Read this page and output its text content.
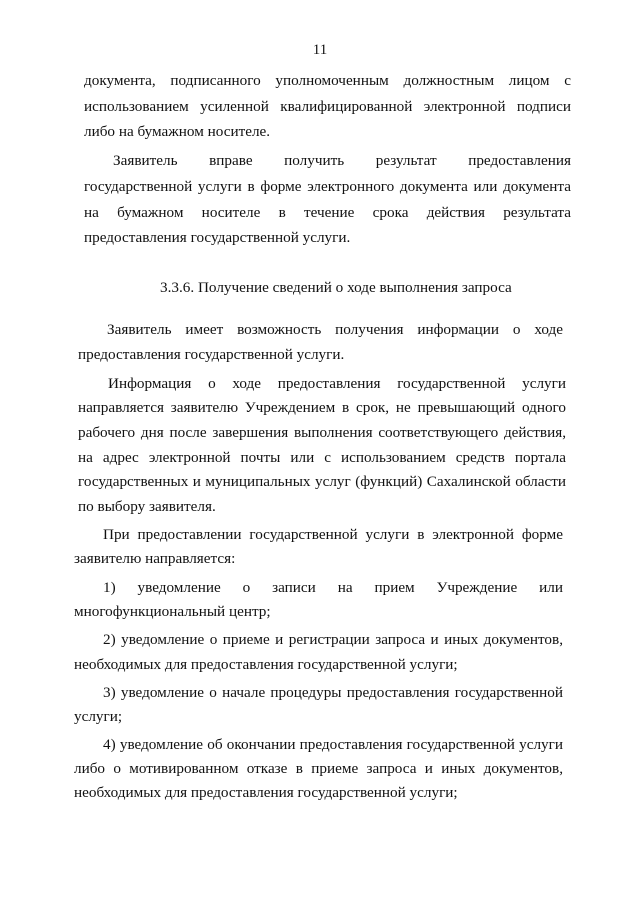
11
документа, подписанного уполномоченным должностным лицом с
использованием усиленной квалифицированной электронной подписи
либо на бумажном носителе.
Заявитель вправе получить результат предоставления
государственной услуги в форме электронного документа или документа
на бумажном носителе в течение срока действия результата
предоставления государственной услуги.
3.3.6. Получение сведений о ходе выполнения запроса
Заявитель имеет возможность получения информации о ходе
предоставления государственной услуги.
Информация о ходе предоставления государственной услуги
направляется заявителю Учреждением в срок, не превышающий одного
рабочего дня после завершения выполнения соответствующего действия,
на адрес электронной почты или с использованием средств портала
государственных и муниципальных услуг (функций) Сахалинской области
по выбору заявителя.
При предоставлении государственной услуги в электронной форме
заявителю направляется:
1) уведомление о записи на прием Учреждение или
многофункциональный центр;
2) уведомление о приеме и регистрации запроса и иных документов,
необходимых для предоставления государственной услуги;
3) уведомление о начале процедуры предоставления государственной
услуги;
4) уведомление об окончании предоставления государственной услуги
либо о мотивированном отказе в приеме запроса и иных документов,
необходимых для предоставления государственной услуги;
